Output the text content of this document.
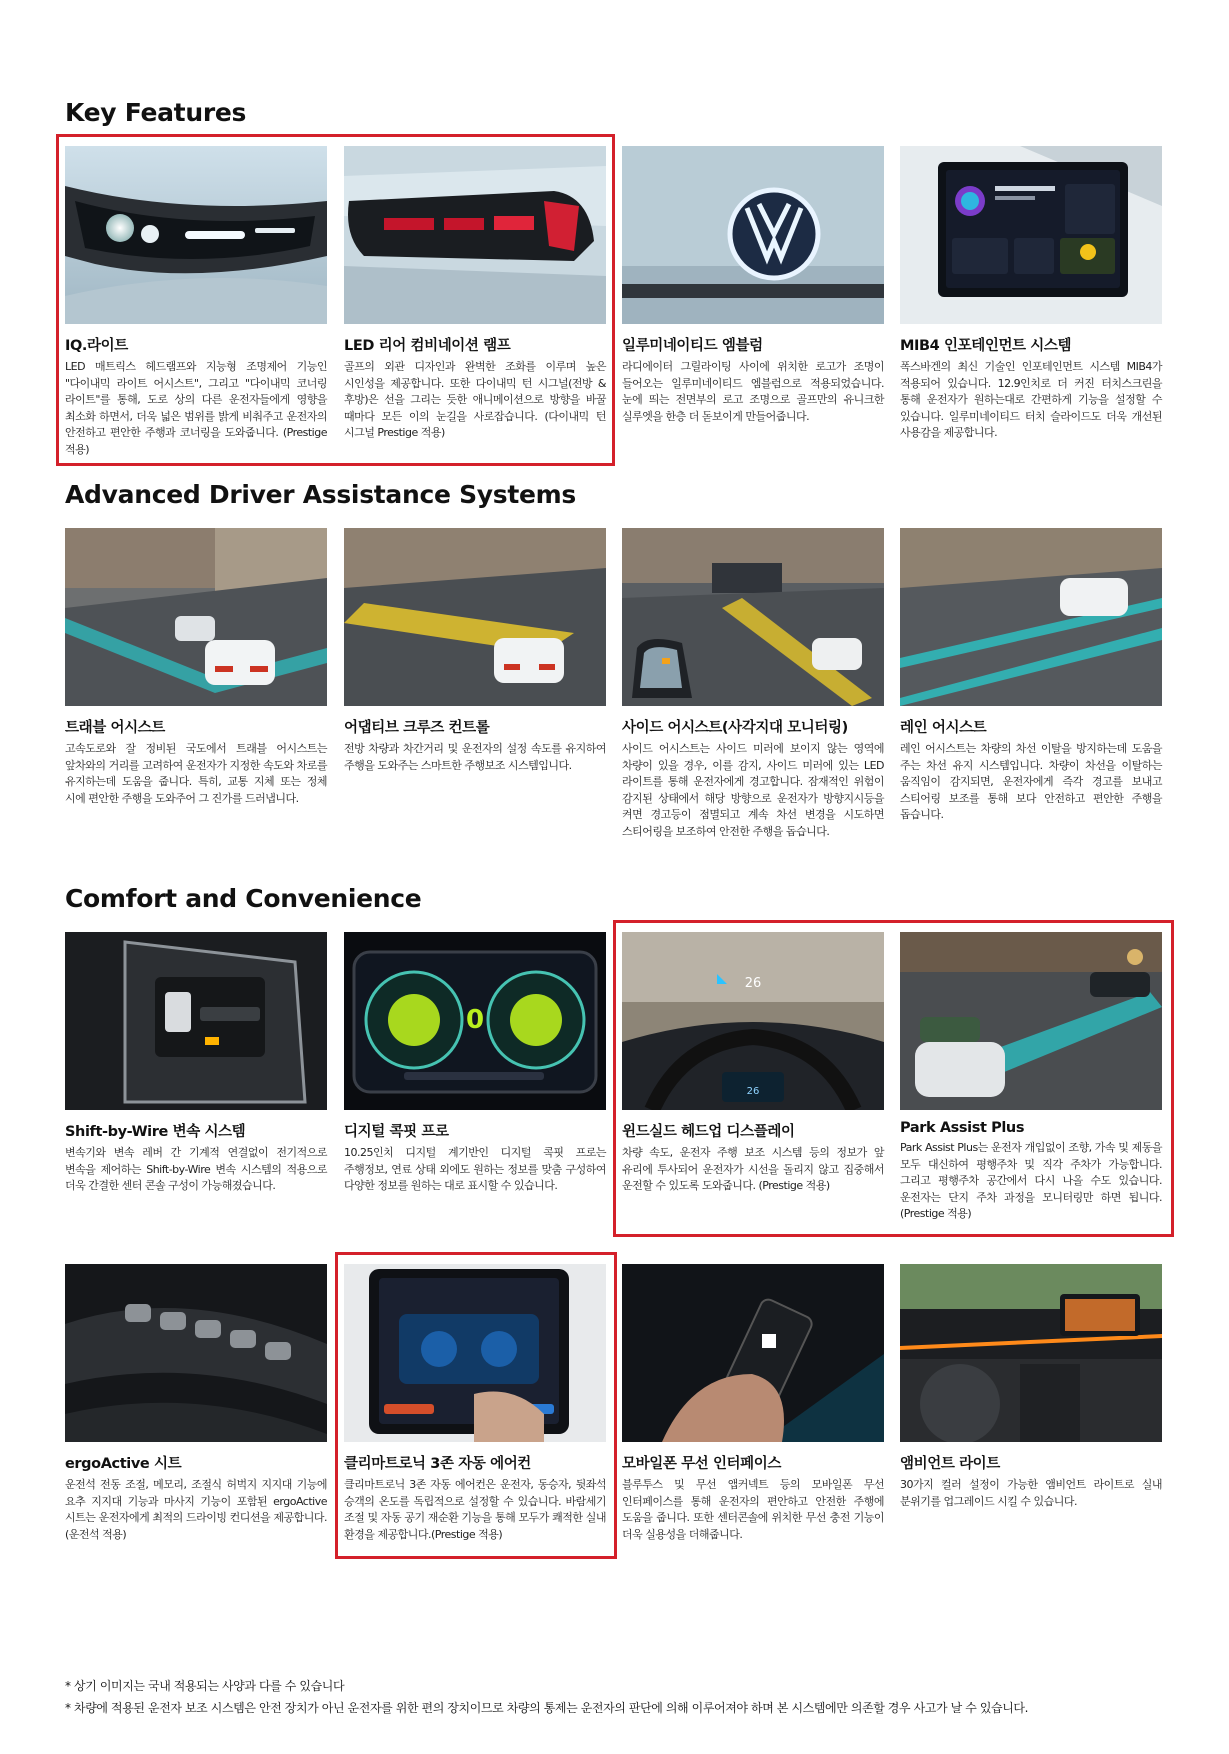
Key Features
Advanced Driver Assistance Systems
Comfort and Convenience
IQ.라이트
LED 매트릭스 헤드램프와 지능형 조명제어 기능인 "다이내믹 라이트 어시스트", 그리고 "다이내믹 코너링 라이트"를 통해, 도로 상의 다른 운전자들에게 영향을 최소화 하면서, 더욱 넓은 범위를 밝게 비춰주고 운전자의 안전하고 편안한 주행과 코너링을 도와줍니다. (Prestige 적용)
LED 리어 컴비네이션 램프
골프의 외관 디자인과 완벽한 조화를 이루며 높은 시인성을 제공합니다. 또한 다이내믹 턴 시그널(전방 & 후방)은 선을 그리는 듯한 애니메이션으로 방향을 바꿀 때마다 모든 이의 눈길을 사로잡습니다. (다이내믹 턴 시그널 Prestige 적용)
일루미네이티드 엠블럼
라디에이터 그릴라이팅 사이에 위치한 로고가 조명이 들어오는 일루미네이티드 엠블럼으로 적용되었습니다. 눈에 띄는 전면부의 로고 조명으로 골프만의 유니크한 실루엣을 한층 더 돋보이게 만들어줍니다.
MIB4 인포테인먼트 시스템
폭스바겐의 최신 기술인 인포테인먼트 시스템 MIB4가 적용되어 있습니다. 12.9인치로 더 커진 터치스크린을 통해 운전자가 원하는대로 간편하게 기능을 설정할 수 있습니다. 일루미네이티드 터치 슬라이드도 더욱 개선된 사용감을 제공합니다.
트래블 어시스트
고속도로와 잘 정비된 국도에서 트래블 어시스트는 앞차와의 거리를 고려하여 운전자가 지정한 속도와 차로를 유지하는데 도움을 줍니다. 특히, 교통 지체 또는 정체 시에 편안한 주행을 도와주어 그 진가를 드러냅니다.
어댑티브 크루즈 컨트롤
전방 차량과 차간거리 및 운전자의 설정 속도를 유지하여 주행을 도와주는 스마트한 주행보조 시스템입니다.
사이드 어시스트(사각지대 모니터링)
사이드 어시스트는 사이드 미러에 보이지 않는 영역에 차량이 있을 경우, 이를 감지, 사이드 미러에 있는 LED 라이트를 통해 운전자에게 경고합니다. 잠재적인 위험이 감지된 상태에서 해당 방향으로 운전자가 방향지시등을 켜면 경고등이 점멸되고 계속 차선 변경을 시도하면 스티어링을 보조하여 안전한 주행을 돕습니다.
레인 어시스트
레인 어시스트는 차량의 차선 이탈을 방지하는데 도움을 주는 차선 유지 시스템입니다. 차량이 차선을 이탈하는 움직임이 감지되면, 운전자에게 즉각 경고를 보내고 스티어링 보조를 통해 보다 안전하고 편안한 주행을 돕습니다.
Shift-by-Wire 변속 시스템
변속기와 변속 레버 간 기계적 연결없이 전기적으로 변속을 제어하는 Shift-by-Wire 변속 시스템의 적용으로 더욱 간결한 센터 콘솔 구성이 가능해졌습니다.
0
디지털 콕핏 프로
10.25인치 디지털 계기반인 디지털 콕핏 프로는 주행정보, 연료 상태 외에도 원하는 정보를 맞춤 구성하여 다양한 정보를 원하는 대로 표시할 수 있습니다.
26
26
윈드실드 헤드업 디스플레이
차량 속도, 운전자 주행 보조 시스템 등의 정보가 앞 유리에 투사되어 운전자가 시선을 돌리지 않고 집중해서 운전할 수 있도록 도와줍니다. (Prestige 적용)
Park Assist Plus
Park Assist Plus는 운전자 개입없이 조향, 가속 및 제동을 모두 대신하여 평행주차 및 직각 주차가 가능합니다. 그리고 평행주차 공간에서 다시 나올 수도 있습니다. 운전자는 단지 주차 과정을 모니터링만 하면 됩니다. (Prestige 적용)
ergoActive 시트
운전석 전동 조절, 메모리, 조절식 허벅지 지지대 기능에 요추 지지대 기능과 마사지 기능이 포함된 ergoActive 시트는 운전자에게 최적의 드라이빙 컨디션을 제공합니다. (운전석 적용)
클리마트로닉 3존 자동 에어컨
클리마트로닉 3존 자동 에어컨은 운전자, 동승자, 뒷좌석 승객의 온도를 독립적으로 설정할 수 있습니다. 바람세기 조절 및 자동 공기 재순환 기능을 통해 모두가 쾌적한 실내 환경을 제공합니다.(Prestige 적용)
모바일폰 무선 인터페이스
블루투스 및 무선 앱커넥트 등의 모바일폰 무선 인터페이스를 통해 운전자의 편안하고 안전한 주행에 도움을 줍니다. 또한 센터콘솔에 위치한 무선 충전 기능이 더욱 실용성을 더해줍니다.
앰비언트 라이트
30가지 컬러 설정이 가능한 앰비언트 라이트로 실내 분위기를 업그레이드 시킬 수 있습니다.
* 상기 이미지는 국내 적용되는 사양과 다를 수 있습니다
* 차량에 적용된 운전자 보조 시스템은 안전 장치가 아닌 운전자를 위한 편의 장치이므로 차량의 통제는 운전자의 판단에 의해 이루어져야 하며 본 시스템에만 의존할 경우 사고가 날 수 있습니다.
